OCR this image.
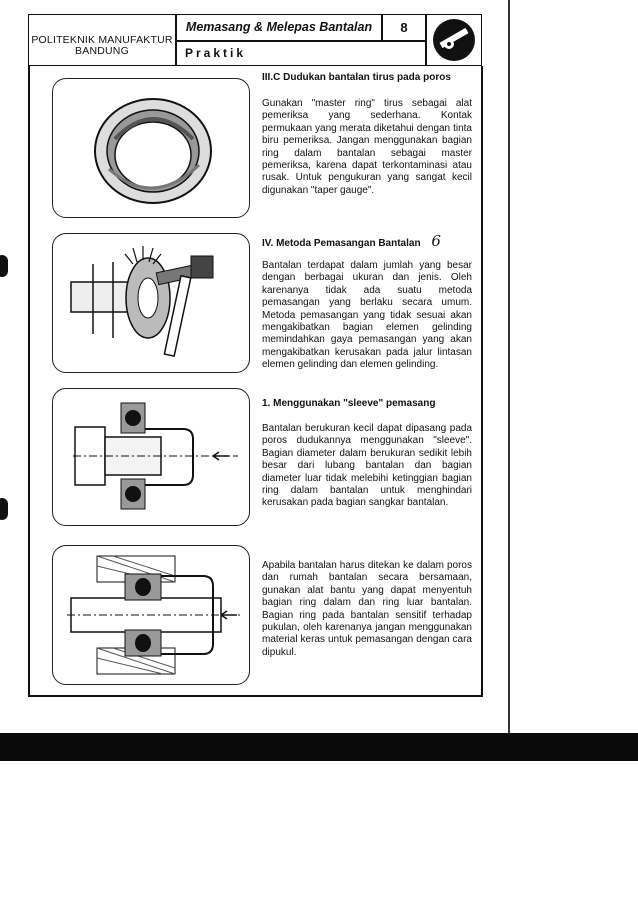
POLITEKNIK MANUFAKTUR
BANDUNG
Memasang & Melepas Bantalan	8
Praktik
III.C Dudukan bantalan tirus pada poros

Gunakan "master ring" tirus sebagai alat pemeriksa yang sederhana. Kontak permukaan yang merata diketahui dengan tinta biru pemeriksa. Jangan menggunakan bagian ring dalam bantalan sebagai master pemeriksa, karena dapat terkontaminasi atau rusak. Untuk pengukuran yang sangat kecil digunakan "taper gauge".

IV. Metoda Pemasangan Bantalan 6

Bantalan terdapat dalam jumlah yang besar dengan berbagai ukuran dan jenis. Oleh karenanya tidak ada suatu metoda pemasangan yang berlaku secara umum. Metoda pemasangan yang tidak sesuai akan mengakibatkan bagian elemen gelinding memindahkan gaya pemasangan yang akan mengakibatkan kerusakan pada jalur lintasan elemen gelinding dan elemen gelinding.

1. Menggunakan "sleeve" pemasang

Bantalan berukuran kecil dapat dipasang pada poros dudukannya menggunakan "sleeve". Bagian diameter dalam berukuran sedikit lebih besar dari lubang bantalan dan bagian diameter luar tidak melebihi ketinggian bagian ring dalam bantalan untuk menghindari kerusakan pada bagian sangkar bantalan.

Apabila bantalan harus ditekan ke dalam poros dan rumah bantalan secara bersamaan, gunakan alat bantu yang dapat menyentuh bagian ring dalam dan ring luar bantalan. Bagian ring pada bantalan sensitif terhadap pukulan, oleh karenanya jangan menggunakan material keras untuk pemasangan dengan cara dipukul.
